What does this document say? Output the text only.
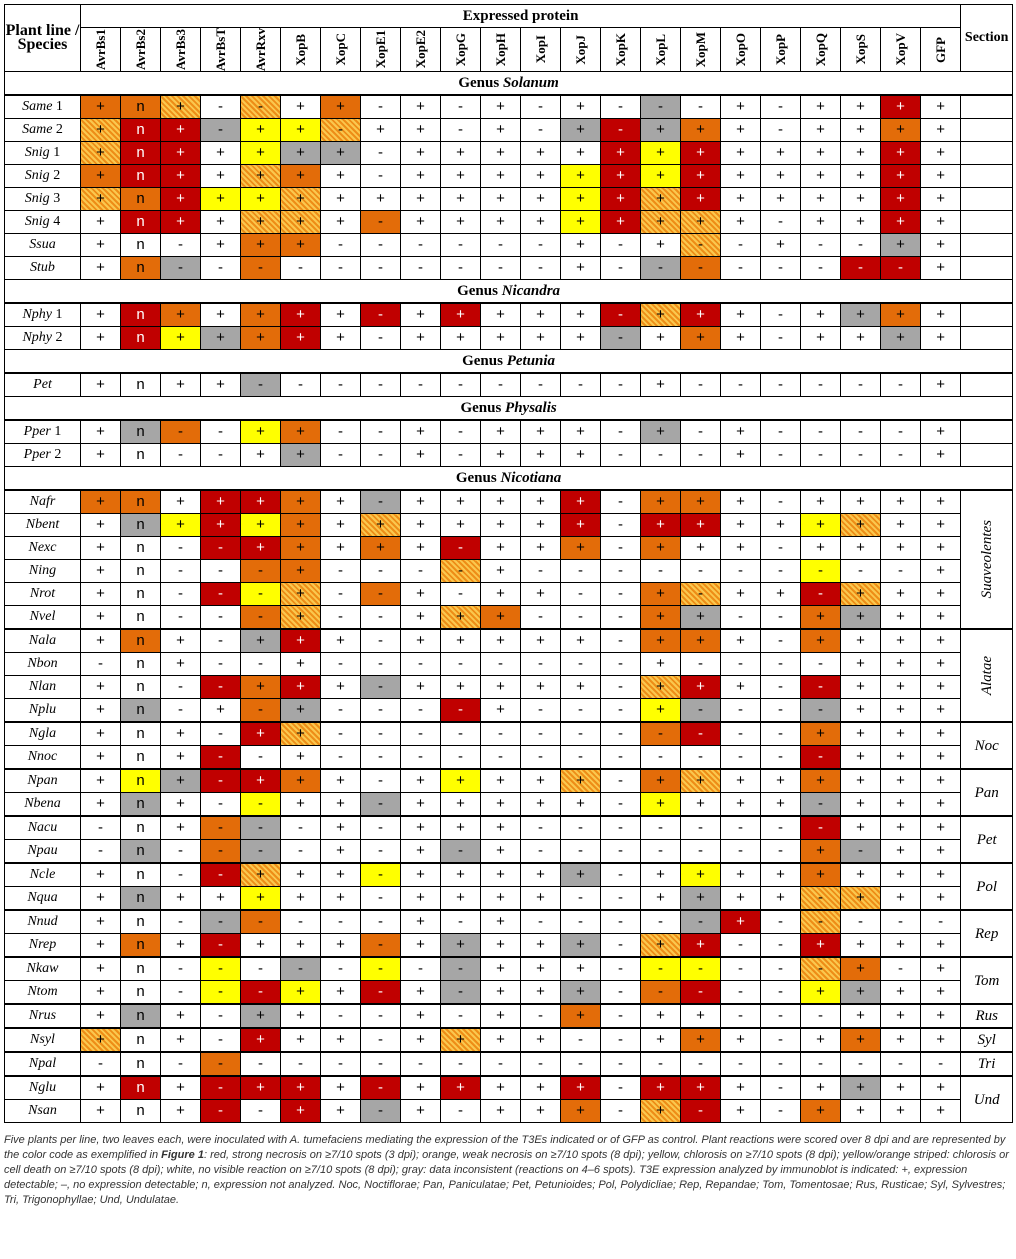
Plant line / Species	Expressed protein																						Section

	AvrBs1	AvrBs2	AvrBs3	AvrBsT	AvrRxv	XopB	XopC	XopE1	XopE2	XopG	XopH	XopI	XopJ	XopK	XopL	XopM	XopO	XopP	XopQ	XopS	XopV	GFP	

Genus Solanum																							
Same 1	+	n	+	-	-	+	+	-	+	-	+	-	+	-	-	-	+	-	+	+	+	+	
Same 2	+	n	+	-	+	+	-	+	+	-	+	-	+	-	+	+	+	-	+	+	+	+	
Snig 1	+	n	+	+	+	+	+	-	+	+	+	+	+	+	+	+	+	+	+	+	+	+	
Snig 2	+	n	+	+	+	+	+	-	+	+	+	+	+	+	+	+	+	+	+	+	+	+	
Snig 3	+	n	+	+	+	+	+	+	+	+	+	+	+	+	+	+	+	+	+	+	+	+	
Snig 4	+	n	+	+	+	+	+	-	+	+	+	+	+	+	+	+	+	-	+	+	+	+	
Ssua	+	n	-	+	+	+	-	-	-	-	-	-	+	-	+	-	-	+	-	-	+	+	
Stub	+	n	-	-	-	-	-	-	-	-	-	-	+	-	-	-	-	-	-	-	-	+	
Genus Nicandra																							
Nphy 1	+	n	+	+	+	+	+	-	+	+	+	+	+	-	+	+	+	-	+	+	+	+	
Nphy 2	+	n	+	+	+	+	+	-	+	+	+	+	+	-	+	+	+	-	+	+	+	+	
Genus Petunia																							
Pet	+	n	+	+	-	-	-	-	-	-	-	-	-	-	+	-	-	-	-	-	-	+	
Genus Physalis																							
Pper 1	+	n	-	-	+	+	-	-	+	-	+	+	+	-	+	-	+	-	-	-	-	+	
Pper 2	+	n	-	-	+	+	-	-	+	-	+	+	+	-	-	-	+	-	-	-	-	+	
Genus Nicotiana																							
Nafr	+	n	+	+	+	+	+	-	+	+	+	+	+	-	+	+	+	-	+	+	+	+	Suaveolentes

Nbent	+	n	+	+	+	+	+	+	+	+	+	+	+	-	+	+	+	+	+	+	+	+	
Nexc	+	n	-	-	+	+	+	+	+	-	+	+	+	-	+	+	+	-	+	+	+	+	
Ning	+	n	-	-	-	+	-	-	-	-	+	-	-	-	-	-	-	-	-	-	-	+	
Nrot	+	n	-	-	-	+	-	-	+	-	+	+	-	-	+	-	+	+	-	+	+	+	
Nvel	+	n	-	-	-	+	-	-	+	+	+	-	-	-	+	+	-	-	+	+	+	+	
Nala	+	n	+	-	+	+	+	-	+	+	+	+	+	-	+	+	+	-	+	+	+	+	Alatae

Nbon	-	n	+	-	-	+	-	-	-	-	-	-	-	-	+	-	-	-	-	+	+	+	
Nlan	+	n	-	-	+	+	+	-	+	+	+	+	+	-	+	+	+	-	-	+	+	+	
Nplu	+	n	-	+	-	+	-	-	-	-	+	-	-	-	+	-	-	-	-	+	+	+	
Ngla	+	n	+	-	+	+	-	-	-	-	-	-	-	-	-	-	-	-	+	+	+	+	Noc
Nnoc	+	n	+	-	-	+	-	-	-	-	-	-	-	-	-	-	-	-	-	+	+	+	
Npan	+	n	+	-	+	+	+	-	+	+	+	+	+	-	+	+	+	+	+	+	+	+	Pan
Nbena	+	n	+	-	-	+	+	-	+	+	+	+	+	-	+	+	+	+	-	+	+	+	
Nacu	-	n	+	-	-	-	+	-	+	+	+	-	-	-	-	-	-	-	-	+	+	+	Pet
Npau	-	n	-	-	-	-	+	-	+	-	+	-	-	-	-	-	-	-	+	-	+	+	
Ncle	+	n	-	-	+	+	+	-	+	+	+	+	+	-	+	+	+	+	+	+	+	+	Pol
Nqua	+	n	+	+	+	+	+	-	+	+	+	+	-	-	+	+	+	+	-	+	+	+	
Nnud	+	n	-	-	-	-	-	-	+	-	+	-	-	-	-	-	+	-	-	-	-	-	Rep
Nrep	+	n	+	-	+	+	+	-	+	+	+	+	+	-	+	+	-	-	+	+	+	+	
Nkaw	+	n	-	-	-	-	-	-	-	-	+	+	+	-	-	-	-	-	-	+	-	+	Tom
Ntom	+	n	-	-	-	+	+	-	+	-	+	+	+	-	-	-	-	-	+	+	+	+	
Nrus	+	n	+	-	+	+	-	-	+	-	+	-	+	-	+	+	-	-	-	+	+	+	Rus
Nsyl	+	n	+	-	+	+	+	-	+	+	+	+	-	-	+	+	+	-	+	+	+	+	Syl
Npal	-	n	-	-	-	-	-	-	-	-	-	-	-	-	-	-	-	-	-	-	-	-	Tri
Nglu	+	n	+	-	+	+	+	-	+	+	+	+	+	-	+	+	+	-	+	+	+	+	Und
Nsan	+	n	+	-	-	+	+	-	+	-	+	+	+	-	+	-	+	-	+	+	+	+	
Five plants per line, two leaves each, were inoculated with A. tumefaciens mediating the expression of the T3Es indicated or of GFP as control. Plant reactions were scored over 8 dpi and are represented by the color code as exemplified in Figure 1: red, strong necrosis on ≥7/10 spots (3 dpi); orange, weak necrosis on ≥7/10 spots (8 dpi); yellow, chlorosis on ≥7/10 spots (8 dpi); yellow/orange striped: chlorosis or cell death on ≥7/10 spots (8 dpi); white, no visible reaction on ≥7/10 spots (8 dpi); gray: data inconsistent (reactions on 4–6 spots). T3E expression analyzed by immunoblot is indicated: +, expression detectable; –, no expression detectable; n, expression not analyzed. Noc, Noctiflorae; Pan, Paniculatae; Pet, Petunioides; Pol, Polydicliae; Rep, Repandae; Tom, Tomentosae; Rus, Rusticae; Syl, Sylvestres; Tri, Trigonophyllae; Und, Undulatae.
